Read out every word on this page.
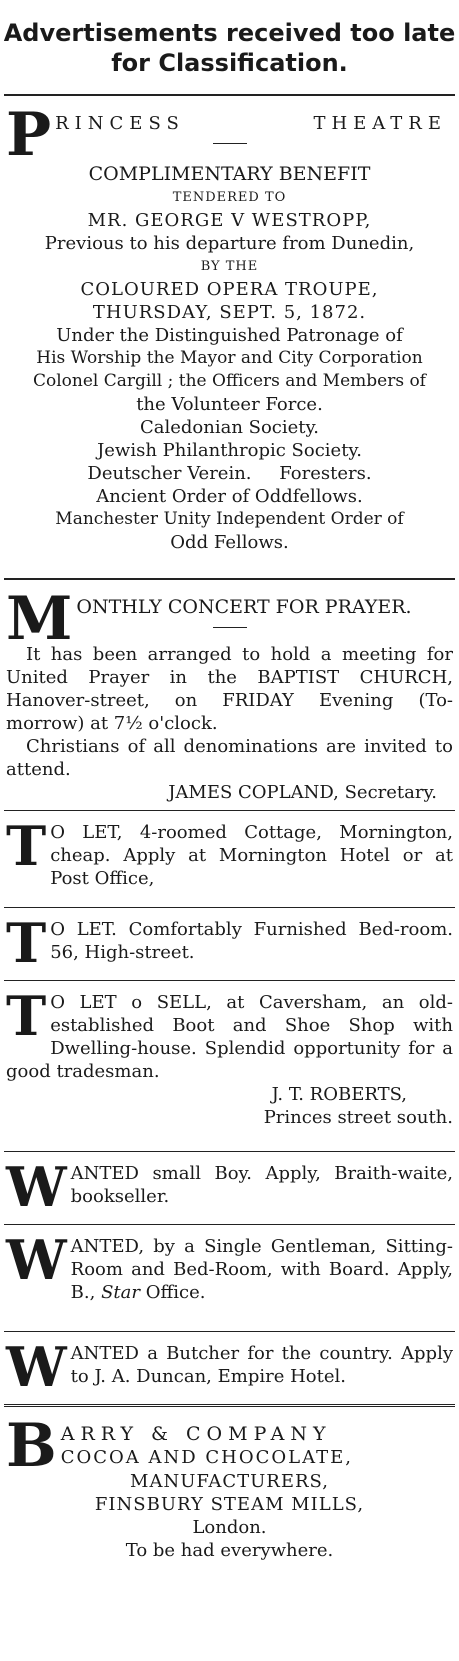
Advertisements received too late
for Classification.
P RINCESS	THEATRE
COMPLIMENTARY BENEFIT
TENDERED TO
MR. GEORGE V WESTROPP,
Previous to his departure from Dunedin,
BY THE
COLOURED OPERA TROUPE,
THURSDAY, SEPT. 5, 1872.
Under the Distinguished Patronage of
His Worship the Mayor and City Corporation
Colonel Cargill ; the Officers and Members of
the Volunteer Force.
Caledonian Society.
Jewish Philanthropic Society.
Deutscher Verein. Foresters.
Ancient Order of Oddfellows.
Manchester Unity Independent Order of
Odd Fellows.
M ONTHLY CONCERT FOR PRAYER.
It has been arranged to hold a meeting for United Prayer in the BAPTIST CHURCH, Hanover-street, on FRIDAY Evening (To-morrow) at 7½ o'clock.
Christians of all denominations are invited to attend.
JAMES COPLAND, Secretary.
T O LET, 4-roomed Cottage, Mornington, cheap. Apply at Mornington Hotel or at Post Office,
T O LET. Comfortably Furnished Bed-room. 56, High-street.
T O LET o SELL, at Caversham, an old-established Boot and Shoe Shop with Dwelling-house. Splendid opportunity for a good tradesman.
J. T. ROBERTS,
Princes street south.
W ANTED small Boy. Apply, Braith-waite, bookseller.
W ANTED, by a Single Gentleman, Sitting-Room and Bed-Room, with Board. Apply, B., Star Office.
W ANTED a Butcher for the country. Apply to J. A. Duncan, Empire Hotel.
B ARRY & COMPANY
COCOA AND CHOCOLATE,
MANUFACTURERS,
FINSBURY STEAM MILLS,
London.
To be had everywhere.
